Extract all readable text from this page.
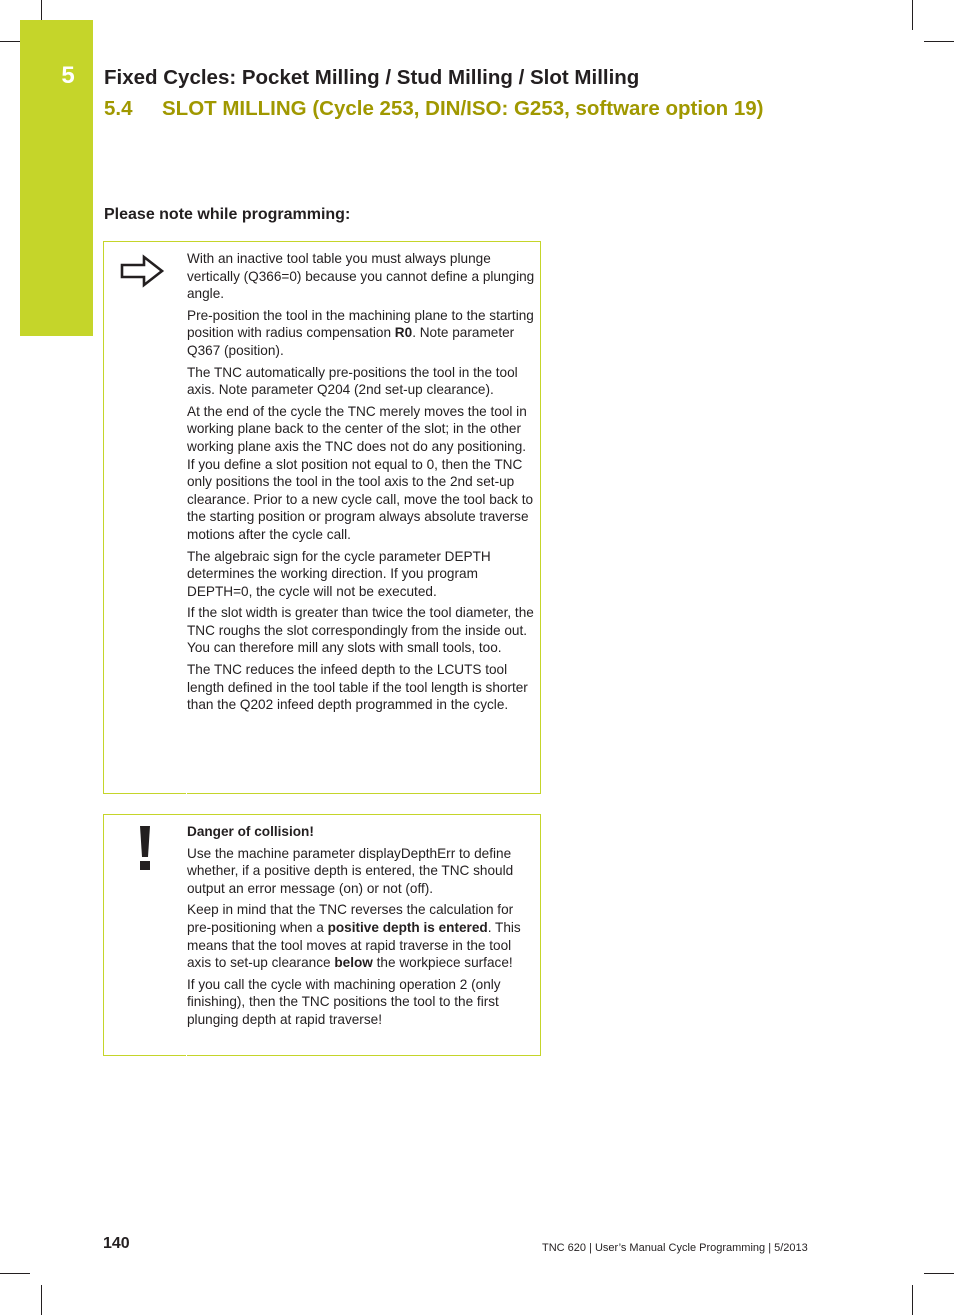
5 Fixed Cycles: Pocket Milling / Stud Milling / Slot Milling
5.4 SLOT MILLING (Cycle 253, DIN/ISO: G253, software option 19)
Please note while programming:

With an inactive tool table you must always plunge vertically (Q366=0) because you cannot define a plunging angle.

Pre-position the tool in the machining plane to the starting position with radius compensation R0. Note parameter Q367 (position).

The TNC automatically pre-positions the tool in the tool axis. Note parameter Q204 (2nd set-up clearance).

At the end of the cycle the TNC merely moves the tool in working plane back to the center of the slot; in the other working plane axis the TNC does not do any positioning. If you define a slot position not equal to 0, then the TNC only positions the tool in the tool axis to the 2nd set-up clearance. Prior to a new cycle call, move the tool back to the starting position or program always absolute traverse motions after the cycle call.

The algebraic sign for the cycle parameter DEPTH determines the working direction. If you program DEPTH=0, the cycle will not be executed.

If the slot width is greater than twice the tool diameter, the TNC roughs the slot correspondingly from the inside out. You can therefore mill any slots with small tools, too.

The TNC reduces the infeed depth to the LCUTS tool length defined in the tool table if the tool length is shorter than the Q202 infeed depth programmed in the cycle.

Danger of collision!

Use the machine parameter displayDepthErr to define whether, if a positive depth is entered, the TNC should output an error message (on) or not (off).

Keep in mind that the TNC reverses the calculation for pre-positioning when a positive depth is entered. This means that the tool moves at rapid traverse in the tool axis to set-up clearance below the workpiece surface!

If you call the cycle with machining operation 2 (only finishing), then the TNC positions the tool to the first plunging depth at rapid traverse!

140	TNC 620 | User’s Manual Cycle Programming | 5/2013
